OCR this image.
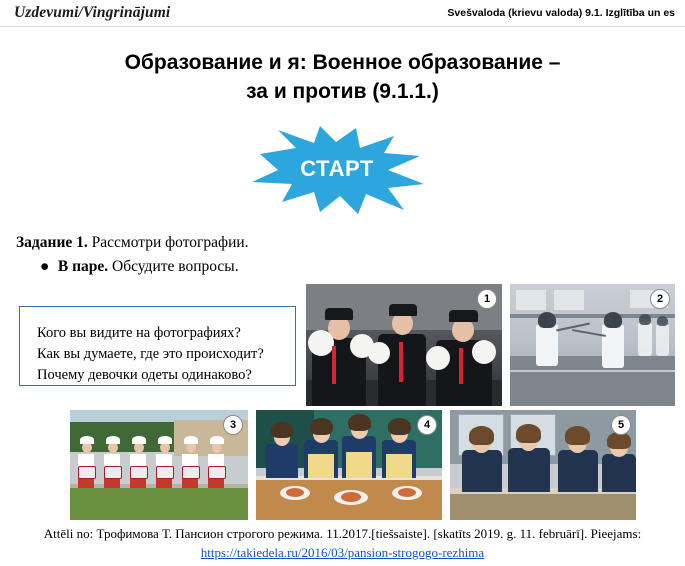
Uzdevumi/Vingrinājumi	Svešvaloda (krievu valoda) 9.1. Izglītība un es
Образование и я: Военное образование –
за и против (9.1.1.)
СТАРТ
Задание 1. Рассмотри фотографии.
● В паре. Обсудите вопросы.
Кого вы видите на фотографиях?
Как вы думаете, где это происходит?
Почему девочки одеты одинаково?
1	2
3	4	5
Attēli no: Трофимова Т. Пансион строгого режима. 11.2017.[tiešsaiste]. [skatīts 2019. g. 11. februārī]. Pieejams:
https://takiedela.ru/2016/03/pansion-strogogo-rezhima
